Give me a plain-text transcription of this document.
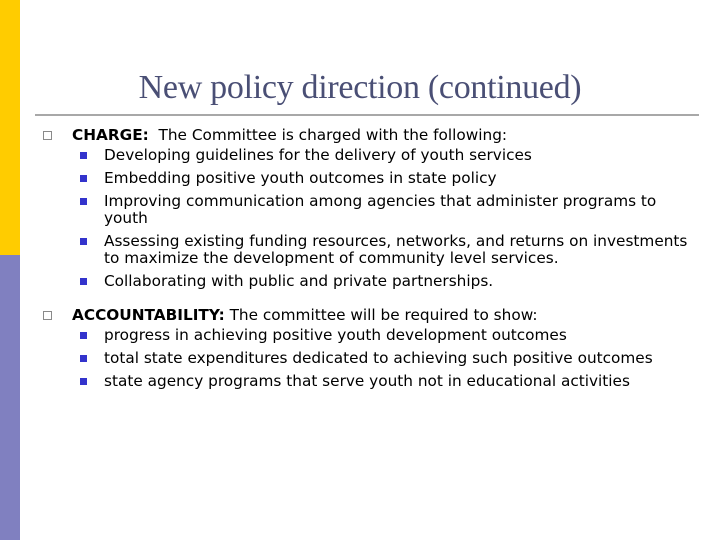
New policy direction (continued)
CHARGE: The Committee is charged with the following:
Developing guidelines for the delivery of youth services
Embedding positive youth outcomes in state policy
Improving communication among agencies that administer programs to youth
Assessing existing funding resources, networks, and returns on investments to maximize the development of community level services.
Collaborating with public and private partnerships.
ACCOUNTABILITY: The committee will be required to show:
progress in achieving positive youth development outcomes
total state expenditures dedicated to achieving such positive outcomes
state agency programs that serve youth not in educational activities
